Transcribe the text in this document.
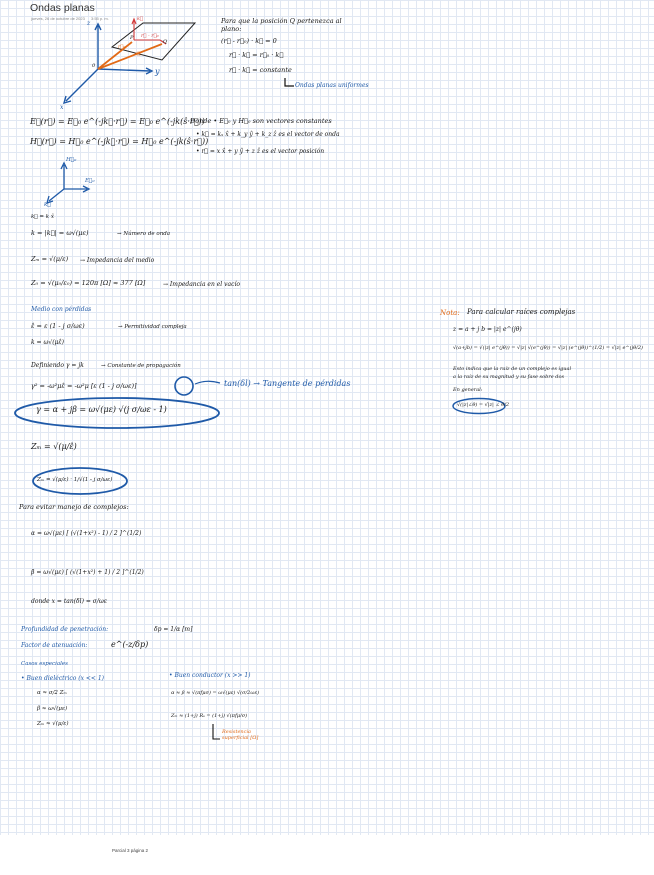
Ondas planas
jueves, 26 de octubre de 2023 3:55 p. m.
z
y
x
k⃗
P
Q
r⃗ - r⃗₀
r⃗₀
r⃗
0
Para que la posición Q pertenezca al
plano:
(r⃗ - r⃗₀) · k⃗ = 0
r⃗ · k⃗ = r⃗₀ · k⃗
r⃗ · k⃗ = constante
Ondas planas uniformes
E⃗(r⃗) = E⃗₀ e^(-jk⃗·r⃗) = E⃗₀ e^(-jk(ŝ·r⃗))
H⃗(r⃗) = H⃗₀ e^(-jk⃗·r⃗) = H⃗₀ e^(-jk(ŝ·r⃗))
Donde • E⃗₀ y H⃗₀ son vectores constantes
• k⃗ = kₓ x̂ + k_y ŷ + k_z ẑ es el vector de onda
• r⃗ = x x̂ + y ŷ + z ẑ es el vector posición
H⃗₀
E⃗₀
k⃗
k⃗ = k x̂
k = |k⃗| = ω√(με)	→ Número de onda
Zₘ = √(μ/ε) → Impedancia del medio
Z₀ = √(μ₀/ε₀) = 120π [Ω] ≈ 377 [Ω]	→ Impedancia en el vacío
Medio con pérdidas
ε̂ = ε (1 - j σ/ωε)	→ Permitividad compleja
k = ω√(με̂)
Definiendo γ = jk	→ Constante de propagación
γ² = -ω²με̂ = -ω²μ [ε (1 - j σ/ωε)]	tan(δl) → Tangente de pérdidas
γ = α + jβ = ω√(με) √(j σ/ωε - 1)
Zₘ = √(μ/ε̂)
Zₘ = √(μ/ε) · 1/√(1 - j σ/ωε)
Nota: Para calcular raíces complejas
z = a + j b = |z| e^(jθ)
√(a+jb) = √(|z| e^(jθ)) = √|z| √(e^(jθ)) = √|z| (e^(jθ))^(1/2) = √|z| e^(jθ/2)
Esto indica que la raíz de un complejo es igual
a la raíz de su magnitud y su fase sobre dos
En general:
√(|z|∠θ) = √|z| ∠ θ/2
Para evitar manejo de complejos:
α = ω√(με) [ (√(1+x²) - 1) / 2 ]^(1/2)
β = ω√(με) [ (√(1+x²) + 1) / 2 ]^(1/2)
donde x = tan(δl) = σ/ωε
Profundidad de penetración:	δp = 1/α [m]
Factor de atenuación:	e^(-z/δp)
Casos especiales
• Buen dieléctrico (x << 1)
α ≈ σ/2 Zₘ
β ≈ ω√(με)
Zₘ ≈ √(μ/ε)
• Buen conductor (x >> 1)
α ≈ β ≈ √(πfμσ) = ω√(με) √(σ/2ωε)
Zₘ ≈ (1+j) Rₛ = (1+j) √(πfμ/σ)
Resistencia
superficial [Ω]
Parcial 3 página 2
